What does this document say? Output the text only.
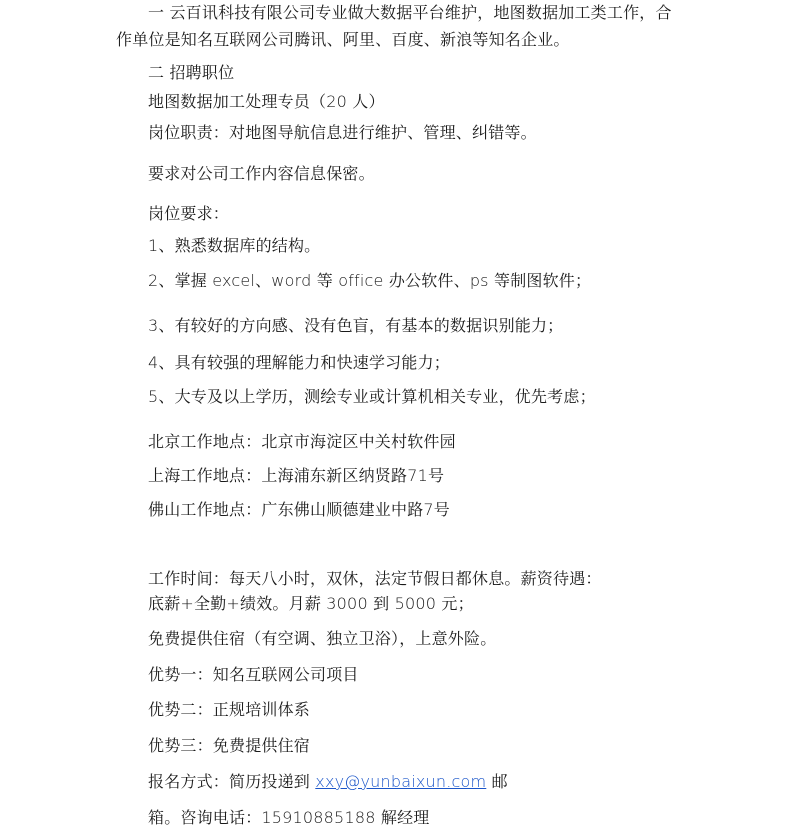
一 云百讯科技有限公司专业做大数据平台维护，地图数据加工类工作，合

作单位是知名互联网公司腾讯、阿里、百度、新浪等知名企业。

二 招聘职位

地图数据加工处理专员（20 人）

岗位职责：对地图导航信息进行维护、管理、纠错等。

要求对公司工作内容信息保密。

岗位要求：

1、熟悉数据库的结构。

2、掌握 excel、word 等 office 办公软件、ps 等制图软件；

3、有较好的方向感、没有色盲，有基本的数据识别能力；

4、具有较强的理解能力和快速学习能力；

5、大专及以上学历，测绘专业或计算机相关专业，优先考虑；

北京工作地点：北京市海淀区中关村软件园

上海工作地点：上海浦东新区纳贤路71号

佛山工作地点：广东佛山顺德建业中路7号

工作时间：每天八小时，双休，法定节假日都休息。薪资待遇：

底薪+全勤+绩效。月薪 3000 到 5000 元；

免费提供住宿（有空调、独立卫浴），上意外险。

优势一：知名互联网公司项目

优势二：正规培训体系

优势三：免费提供住宿

报名方式：简历投递到 xxy@yunbaixun.com 邮

箱。咨询电话：15910885188 解经理
